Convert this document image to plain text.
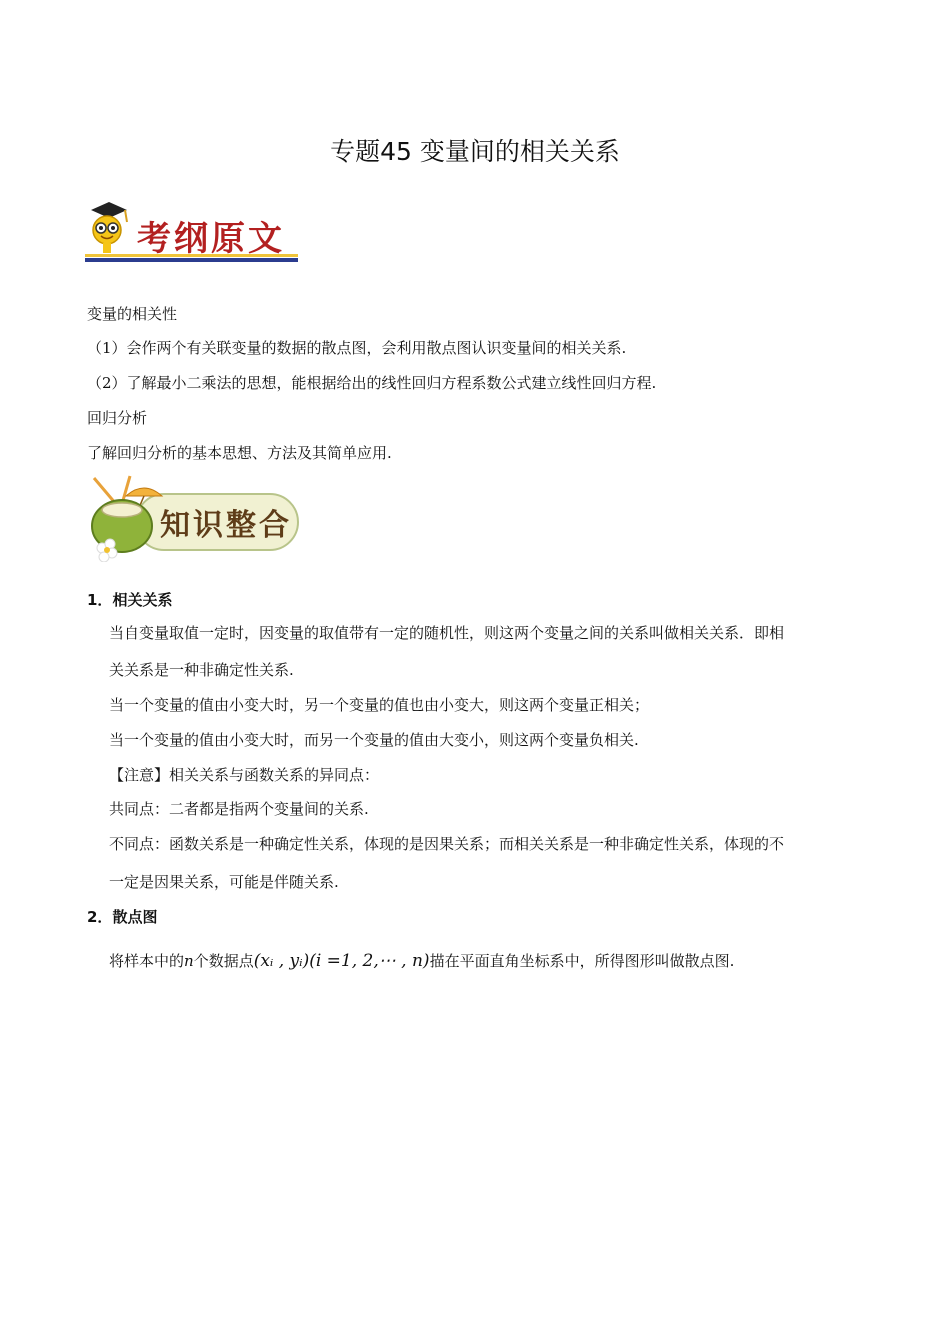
专题45 变量间的相关关系
考纲原文
变量的相关性
（1）会作两个有关联变量的数据的散点图，会利用散点图认识变量间的相关关系.
（2）了解最小二乘法的思想，能根据给出的线性回归方程系数公式建立线性回归方程.
回归分析
了解回归分析的基本思想、方法及其简单应用.
知识整合
1．相关关系
当自变量取值一定时，因变量的取值带有一定的随机性，则这两个变量之间的关系叫做相关关系．即相
关关系是一种非确定性关系.
当一个变量的值由小变大时，另一个变量的值也由小变大，则这两个变量正相关；
当一个变量的值由小变大时，而另一个变量的值由大变小，则这两个变量负相关.
【注意】相关关系与函数关系的异同点：
共同点：二者都是指两个变量间的关系.
不同点：函数关系是一种确定性关系，体现的是因果关系；而相关关系是一种非确定性关系，体现的不
一定是因果关系，可能是伴随关系.
2．散点图
将样本中的n个数据点(xᵢ , yᵢ)(i =1, 2,⋯ , n)描在平面直角坐标系中，所得图形叫做散点图.
